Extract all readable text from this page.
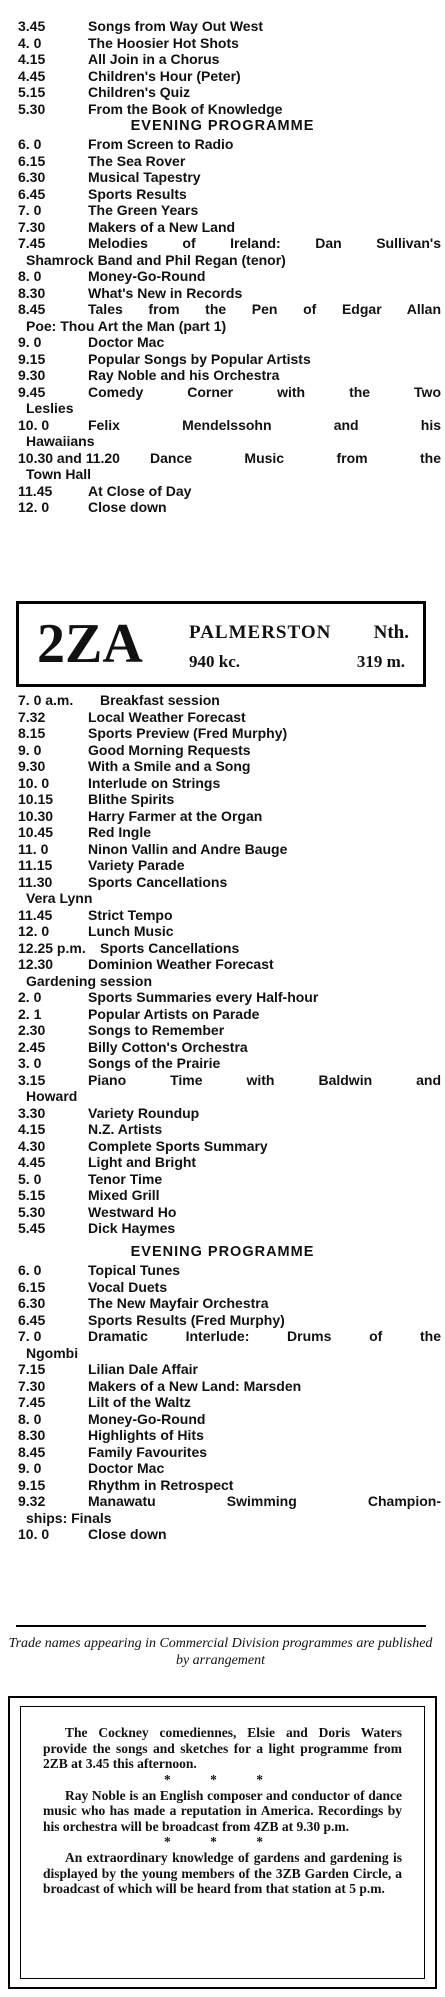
3.45	Songs from Way Out West
4. 0	The Hoosier Hot Shots
4.15	All Join in a Chorus
4.45	Children's Hour (Peter)
5.15	Children's Quiz
5.30	From the Book of Knowledge
EVENING PROGRAMME
6. 0	From Screen to Radio
6.15	The Sea Rover
6.30	Musical Tapestry
6.45	Sports Results
7. 0	The Green Years
7.30	Makers of a New Land
7.45	Melodies of Ireland: Dan Sullivan's
Shamrock Band and Phil Regan (tenor)
8. 0	Money-Go-Round
8.30	What's New in Records
8.45	Tales from the Pen of Edgar Allan
Poe: Thou Art the Man (part 1)
9. 0	Doctor Mac
9.15	Popular Songs by Popular Artists
9.30	Ray Noble and his Orchestra
9.45	Comedy Corner with the Two
Leslies
10. 0	Felix Mendelssohn and his
Hawaiians
10.30 and 11.20 Dance Music from the
Town Hall
11.45	At Close of Day
12. 0	Close down
2ZA PALMERSTON Nth.
940 kc.	319 m.
7. 0 a.m. Breakfast session
7.32	Local Weather Forecast
8.15	Sports Preview (Fred Murphy)
9. 0	Good Morning Requests
9.30	With a Smile and a Song
10. 0	Interlude on Strings
10.15 Blithe Spirits
10.30 Harry Farmer at the Organ
10.45 Red Ingle
11. 0	Ninon Vallin and Andre Bauge
11.15	Variety Parade
11.30	Sports Cancellations
Vera Lynn
11.45	Strict Tempo
12. 0	Lunch Music
12.25 p.m. Sports Cancellations
12.30 Dominion Weather Forecast
Gardening session
2. 0	Sports Summaries every Half-hour
2. 1	Popular Artists on Parade
2.30	Songs to Remember
2.45	Billy Cotton's Orchestra
3. 0	Songs of the Prairie
3.15	Piano Time with Baldwin and
Howard
3.30	Variety Roundup
4.15	N.Z. Artists
4.30	Complete Sports Summary
4.45	Light and Bright
5. 0	Tenor Time
5.15	Mixed Grill
5.30	Westward Ho
5.45	Dick Haymes
EVENING PROGRAMME
6. 0	Topical Tunes
6.15	Vocal Duets
6.30	The New Mayfair Orchestra
6.45	Sports Results (Fred Murphy)
7. 0	Dramatic Interlude: Drums of the
Ngombi
7.15	Lilian Dale Affair
7.30	Makers of a New Land: Marsden
7.45	Lilt of the Waltz
8. 0	Money-Go-Round
8.30	Highlights of Hits
8.45	Family Favourites
9. 0	Doctor Mac
9.15	Rhythm in Retrospect
9.32	Manawatu Swimming Champion-
ships: Finals
10. 0	Close down
Trade names appearing in Commercial Division programmes are published by arrangement

The Cockney comediennes, Elsie and Doris Waters provide the songs and sketches for a light programme from 2ZB at 3.45 this afternoon.

* * *

Ray Noble is an English composer and conductor of dance music who has made a reputation in America. Recordings by his orchestra will be broadcast from 4ZB at 9.30 p.m.

* * *

An extraordinary knowledge of gardens and gardening is displayed by the young members of the 3ZB Garden Circle, a broadcast of which will be heard from that station at 5 p.m.
